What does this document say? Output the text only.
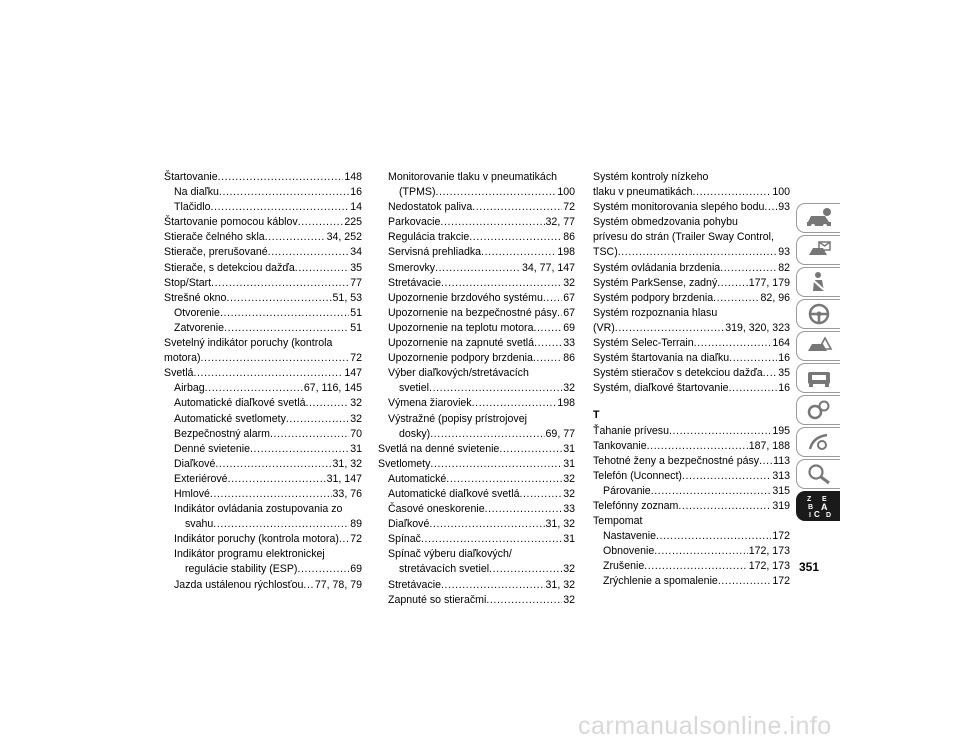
Štartovanie .....	148
Na diaľku .....	16
Tlačidlo .....	14
Štartovanie pomocou káblov .....	225
Stierače čelného skla .....	34, 252
Stierače, prerušované .....	34
Stierače, s detekciou dažďa .....	35
Stop/Start .....	77
Strešné okno .....	51, 53
Otvorenie .....	51
Zatvorenie .....	51
Svetelný indikátor poruchy (kontrola
motora) .....	72
Svetlá .....	147
Airbag .....	67, 116, 145
Automatické diaľkové svetlá .....	32
Automatické svetlomety .....	32
Bezpečnostný alarm .....	70
Denné svietenie .....	31
Diaľkové .....	31, 32
Exteriérové .....	31, 147
Hmlové .....	33, 76
Indikátor ovládania zostupovania zo
svahu .....	89
Indikátor poruchy (kontrola motora) ..... 72
Indikátor programu elektronickej
regulácie stability (ESP) .....	69
Jazda ustálenou rýchlosťou ..... 77, 78, 79
Monitorovanie tlaku v pneumatikách
(TPMS) .....	100
Nedostatok paliva .....	72
Parkovacie .....	32, 77
Regulácia trakcie .....	86
Servisná prehliadka .....	198
Smerovky .....	34, 77, 147
Stretávacie .....	32
Upozornenie brzdového systému ..... 67
Upozornenie na bezpečnostné pásy ..... 67
Upozornenie na teplotu motora .....	69
Upozornenie na zapnuté svetlá .....	33
Upozornenie podpory brzdenia .....	86
Výber diaľkových/stretávacích
svetiel .....	32
Výmena žiaroviek .....	198
Výstražné (popisy prístrojovej
dosky) .....	69, 77
Svetlá na denné svietenie .....	31
Svetlomety .....	31
Automatické .....	32
Automatické diaľkové svetlá .....	32
Časové oneskorenie .....	33
Diaľkové .....	31, 32
Spínač .....	31
Spínač výberu diaľkových/
stretávacích svetiel .....	32
Stretávacie .....	31, 32
Zapnuté so stieračmi .....	32
Systém kontroly nízkeho
tlaku v pneumatikách .....	100
Systém monitorovania slepého bodu ..... 93
Systém obmedzovania pohybu
prívesu do strán (Trailer Sway Control,
TSC) .....	93
Systém ovládania brzdenia .....	82
Systém ParkSense, zadný .....	177, 179
Systém podpory brzdenia .....	82, 96
Systém rozpoznania hlasu
(VR) .....	319, 320, 323
Systém Selec-Terrain .....	164
Systém štartovania na diaľku .....	16
Systém stieračov s detekciou dažďa ..... 35
Systém, diaľkové štartovanie .....	16
T
Ťahanie prívesu .....	195
Tankovanie .....	187, 188
Tehotné ženy a bezpečnostné pásy ..... 113
Telefón (Uconnect) .....	313
Párovanie .....	315
Telefónny zoznam .....	319
Tempomat
Nastavenie .....	172
Obnovenie .....	172, 173
Zrušenie .....	172, 173
Zrýchlenie a spomalenie .....	172
Z E
B A
I C D
351
carmanualsonline.info
